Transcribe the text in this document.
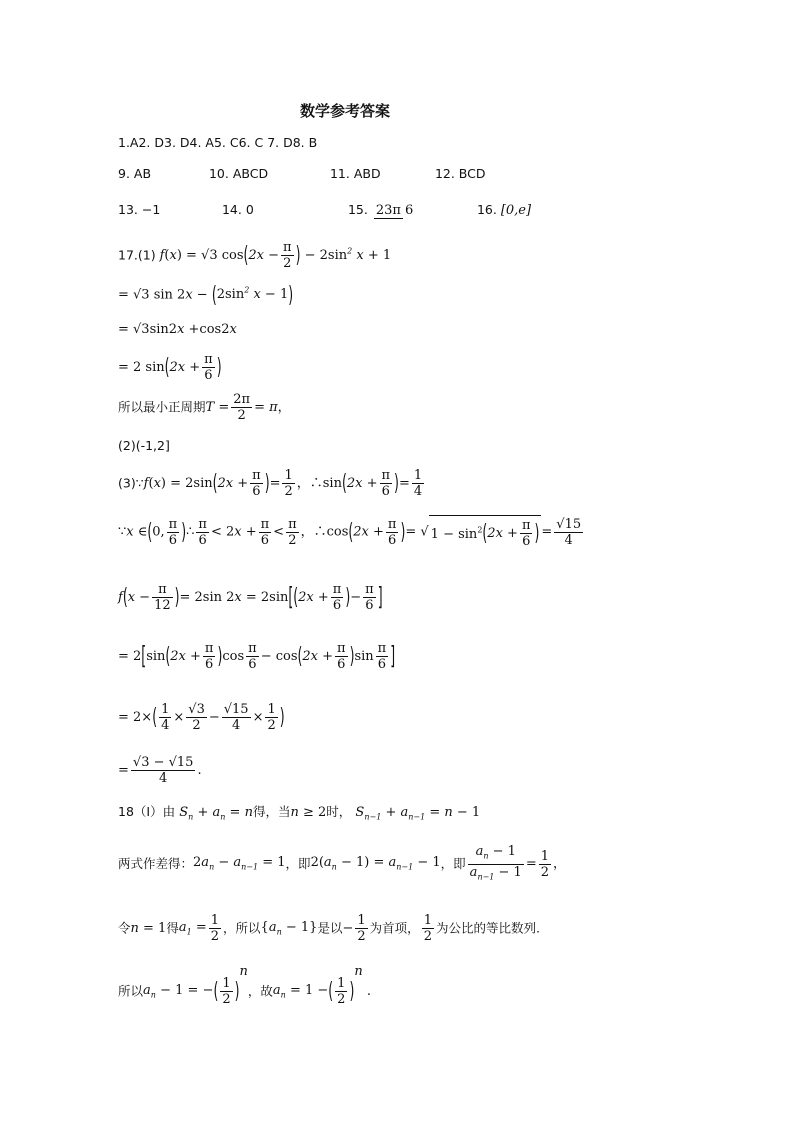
数学参考答案
1.A2. D3. D4. A5. C6. C 7. D8. B
9. AB	10. ABCD	11. ABD	12. BCD
13. −1	14. 0	15. 23π 6	16. [0,e]
17.(1) f(x) = √3 $\cos(2x - \frac{\pi}{2}$ ) − $2\sin^2$ x + 1
= √3 $\sin 2x - (2\sin^2$ x − 1)
= √3sin2x +cos2x
= 2 $\sin(2x + \frac{\pi}{6}$ )
所以最小正周期$T = \frac{2\pi}{2} = \pi$，
(2)(-1,2]
(3)∵f(x) = $2\sin(2x + \frac{\pi}{6}$ )= $\frac{1}{2}$ ，∴sin(2x + $\frac{\pi}{6}$ )= $\frac{1}{4}$
∵x ∈(0, $\frac{\pi}{6}$ )∴ $\frac{\pi}{6} < 2x + \frac{\pi}{6} < \frac{\pi}{2}$ ，∴cos(2x + $\frac{\pi}{6}$ )= √ $1 - \sin^2(2x + \frac{\pi}{6}$ ) = $\frac{√15}{4}$
$f(x - \frac{\pi}{12}$ )= 2sin $2x = 2\sin[(2x + \frac{\pi}{6}$ )− $\frac{\pi}{6}$ ]
= $2[\sin(2x + \frac{\pi}{6} )\cos \frac{\pi}{6} - \cos(2x + \frac{\pi}{6} )\sin \frac{\pi}{6}$ ]
= $2\times( \frac{1}{4} \times \frac{√3}{2} - \frac{√15}{4} \times \frac{1}{2}$ )
= $\frac{√3 - √15}{4}$ .
18（Ⅰ）由 $S_n + a_n = n$得，当n ≥ 2时， $S_{n-1} + a_{n-1} = n - 1$
两式作差得：$2a_n - a_{n-1} = 1$，即$2(a_n - 1) = a_{n-1} - 1$，即 $\frac{a_n - 1}{a_{n-1} - 1} = \frac{1}{2}$ ，
令n = 1得$a_1 = \frac{1}{2}$ ，所以$\{a_n - 1\}$是以− $\frac{1}{2}$ 为首项， $\frac{1}{2}$ 为公比的等比数列.
所以$a_n - 1$ = −( $\frac{1}{2} )^n$，故$a_n = 1$ −( $\frac{1}{2} )^n$ .
